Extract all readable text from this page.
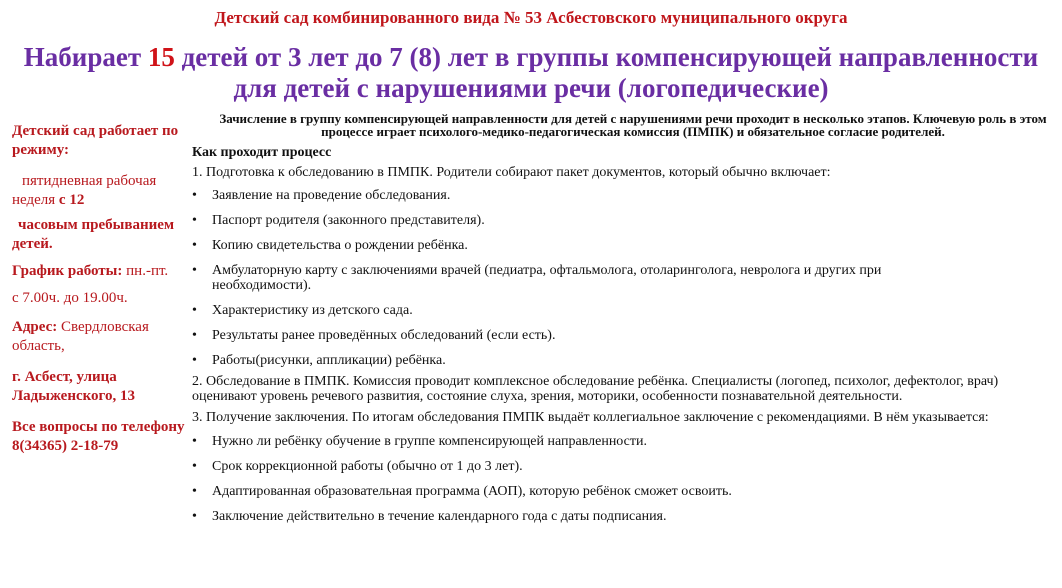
Детский сад комбинированного вида № 53 Асбестовского муниципального округа
Набирает 15 детей от 3 лет до 7 (8) лет в группы компенсирующей направленности
для детей с нарушениями речи (логопедические)

Детский сад работает по режиму:

пятидневная рабочая неделя с 12

часовым пребыванием детей.

График работы: пн.-пт.

с 7.00ч. до 19.00ч.

Адрес: Свердловская область,

г. Асбест, улица Ладыженского, 13

Все вопросы по телефону 8(34365) 2-18-79

Зачисление в группу компенсирующей направленности для детей с нарушениями речи проходит в несколько этапов. Ключевую роль в этом процессе играет психолого-медико-педагогическая комиссия (ПМПК) и обязательное согласие родителей.

Как проходит процесс

1. Подготовка к обследованию в ПМПК. Родители собирают пакет документов, который обычно включает:

• Заявление на проведение обследования.
• Паспорт родителя (законного представителя).
• Копию свидетельства о рождении ребёнка.
• Амбулаторную карту с заключениями врачей (педиатра, офтальмолога, отоларинголога, невролога и других при необходимости).
• Характеристику из детского сада.
• Результаты ранее проведённых обследований (если есть).
• Работы(рисунки, аппликации) ребёнка.

2. Обследование в ПМПК. Комиссия проводит комплексное обследование ребёнка. Специалисты (логопед, психолог, дефектолог, врач) оценивают уровень речевого развития, состояние слуха, зрения, моторики, особенности познавательной деятельности.

3. Получение заключения. По итогам обследования ПМПК выдаёт коллегиальное заключение с рекомендациями. В нём указывается:

• Нужно ли ребёнку обучение в группе компенсирующей направленности.
• Срок коррекционной работы (обычно от 1 до 3 лет).
• Адаптированная образовательная программа (АОП), которую ребёнок сможет освоить.
• Заключение действительно в течение календарного года с даты подписания.
